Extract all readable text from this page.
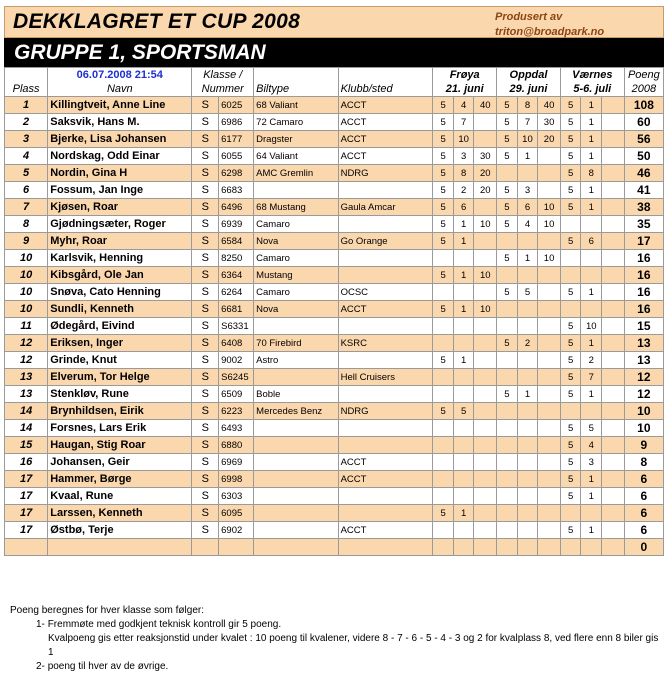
DEKKLAGRET ET CUP 2008	Produsert av
triton@broadpark.no
GRUPPE 1, SPORTSMAN
	06.07.2008 21:54	Klasse /				Frøya			Oppdal			Værnes			Poeng
Plass	Navn	Nummer		Biltype	Klubb/sted	21. juni			29. juni			5-6. juli			2008
1	Killingtveit, Anne Line	S	6025	68 Valiant	ACCT	5	4	40	5	8	40	5	1		108
2	Saksvik, Hans M.	S	6986	72 Camaro	ACCT	5	7		5	7	30	5	1		60
3	Bjerke, Lisa Johansen	S	6177	Dragster	ACCT	5	10		5	10	20	5	1		56
4	Nordskag, Odd Einar	S	6055	64 Valiant	ACCT	5	3	30	5	1		5	1		50
5	Nordin, Gina H	S	6298	AMC Gremlin	NDRG	5	8	20				5	8		46
6	Fossum, Jan Inge	S	6683			5	2	20	5	3		5	1		41
7	Kjøsen, Roar	S	6496	68 Mustang	Gaula Amcar	5	6		5	6	10	5	1		38
8	Gjødningsæter, Roger	S	6939	Camaro		5	1	10	5	4	10				35
9	Myhr, Roar	S	6584	Nova	Go Orange	5	1					5	6		17
10	Karlsvik, Henning	S	8250	Camaro					5	1	10				16
10	Kibsgård, Ole Jan	S	6364	Mustang		5	1	10							16
10	Snøva, Cato Henning	S	6264	Camaro	OCSC				5	5		5	1		16
10	Sundli, Kenneth	S	6681	Nova	ACCT	5	1	10							16
11	Ødegård, Eivind	S	S6331									5	10		15
12	Eriksen, Inger	S	6408	70 Firebird	KSRC				5	2		5	1		13
12	Grinde, Knut	S	9002	Astro		5	1					5	2		13
13	Elverum, Tor Helge	S	S6245		Hell Cruisers							5	7		12
13	Stenkløv, Rune	S	6509	Boble					5	1		5	1		12
14	Brynhildsen, Eirik	S	6223	Mercedes Benz	NDRG	5	5								10
14	Forsnes, Lars Erik	S	6493									5	5		10
15	Haugan, Stig Roar	S	6880									5	4		9
16	Johansen, Geir	S	6969		ACCT							5	3		8
17	Hammer, Børge	S	6998		ACCT							5	1		6
17	Kvaal, Rune	S	6303									5	1		6
17	Larssen, Kenneth	S	6095			5	1								6
17	Østbø, Terje	S	6902		ACCT							5	1		6
															0
Poeng beregnes for hver klasse som følger:
1- Fremmøte med godkjent teknisk kontroll gir 5 poeng.
Kvalpoeng gis etter reaksjonstid under kvalet : 10 poeng til kvalener, videre 8 - 7 - 6 - 5 - 4 - 3 og 2 for kvalplass 8, ved flere enn 8 biler gis 1
2- poeng til hver av de øvrige.
